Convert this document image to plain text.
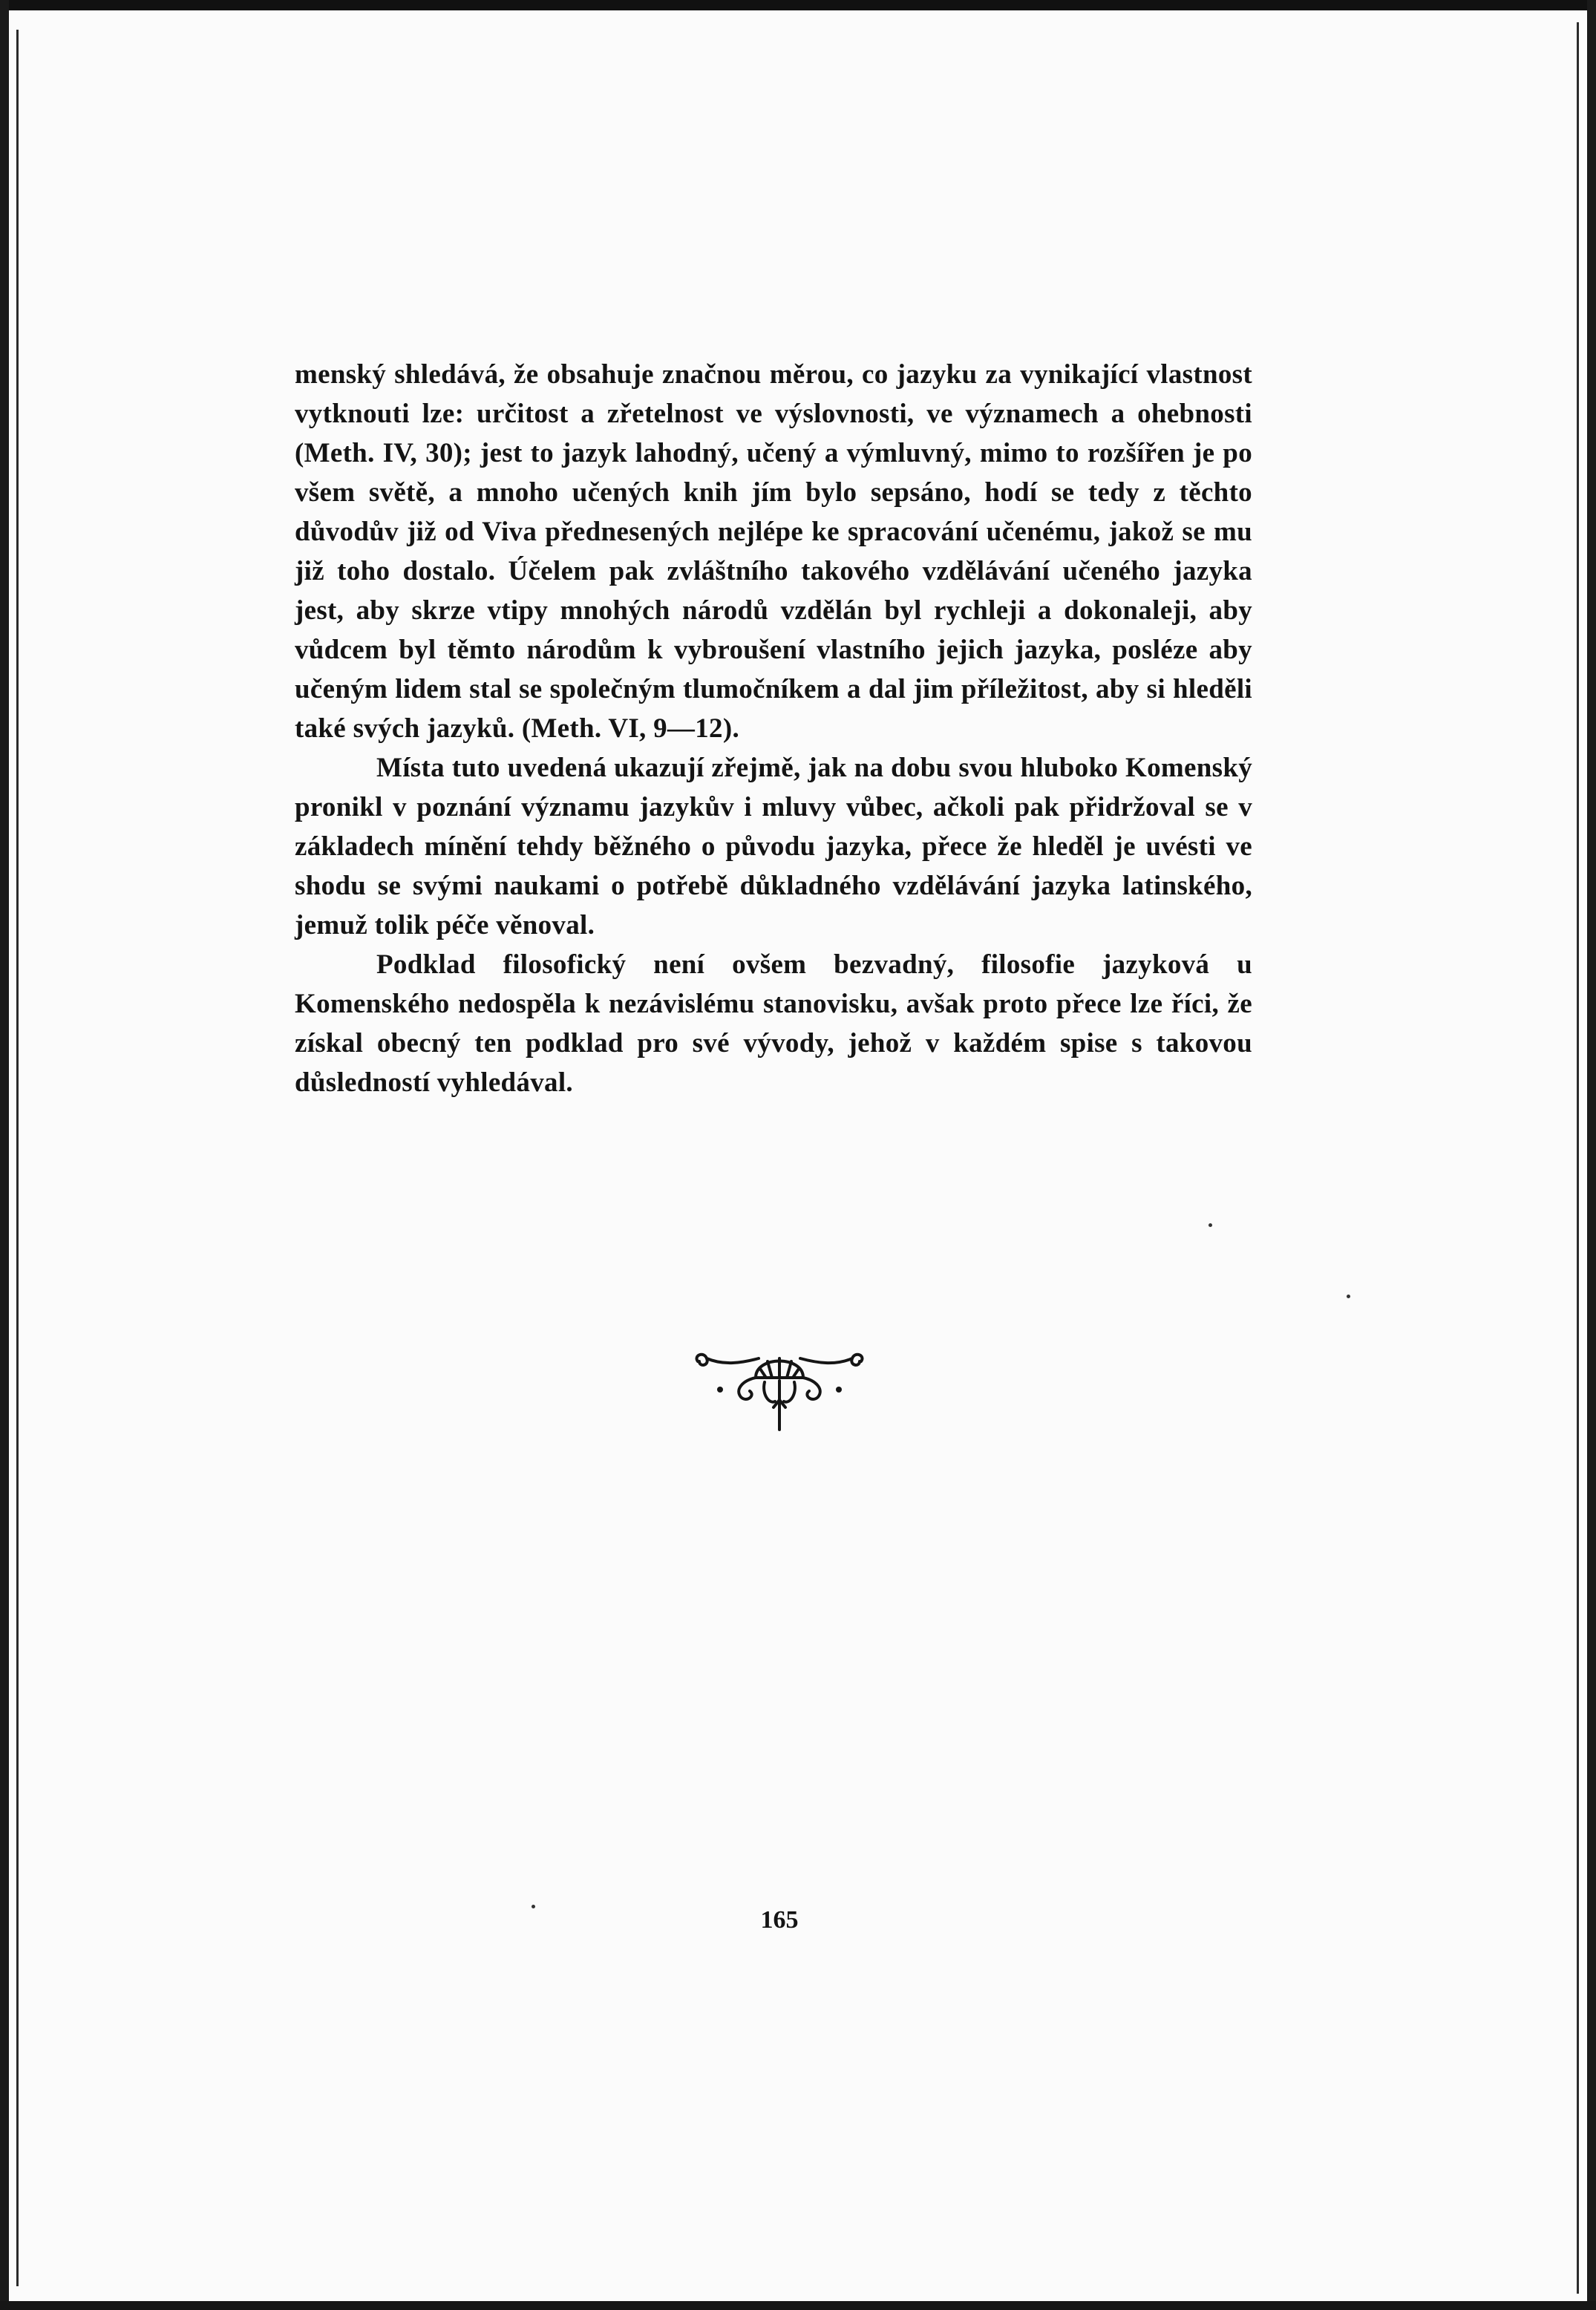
menský shledává, že obsahuje značnou měrou, co jazyku za vynikající vlastnost vytknouti lze: určitost a zřetelnost ve výslovnosti, ve významech a ohebnosti (Meth. IV, 30); jest to jazyk lahodný, učený a výmluvný, mimo to rozšířen je po všem světě, a mnoho učených knih jím bylo sepsáno, hodí se tedy z těchto důvodův již od Viva přednesených nejlépe ke spracování učenému, jakož se mu již toho dostalo. Účelem pak zvláštního takového vzdělávání učeného jazyka jest, aby skrze vtipy mnohých národů vzdělán byl rychleji a dokonaleji, aby vůdcem byl těmto národům k vybroušení vlastního jejich jazyka, posléze aby učeným lidem stal se společným tlumočníkem a dal jim příležitost, aby si hleděli také svých jazyků. (Meth. VI, 9—12).

Místa tuto uvedená ukazují zřejmě, jak na dobu svou hluboko Komenský pronikl v poznání významu jazykův i mluvy vůbec, ačkoli pak přidržoval se v základech mínění tehdy běžného o původu jazyka, přece že hleděl je uvésti ve shodu se svými naukami o potřebě důkladného vzdělávání jazyka latinského, jemuž tolik péče věnoval.

Podklad filosofický není ovšem bezvadný, filosofie jazyková u Komenského nedospěla k nezávislému stanovisku, avšak proto přece lze říci, že získal obecný ten podklad pro své vývody, jehož v každém spise s takovou důsledností vyhledával.

165
